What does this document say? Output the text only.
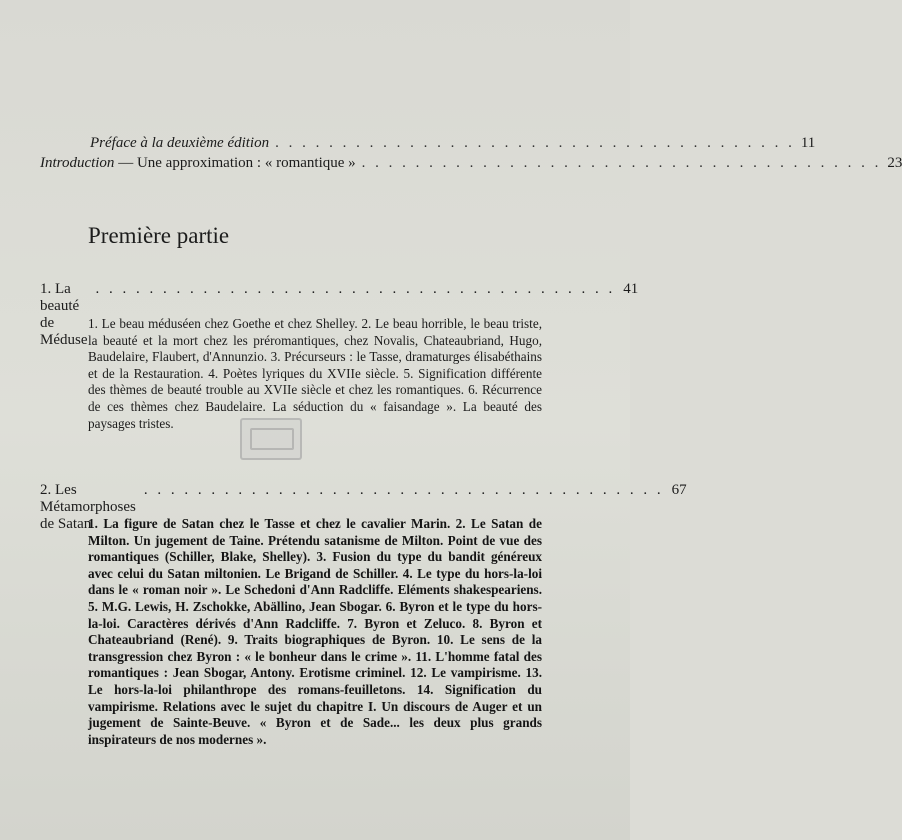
Préface à la deuxième édition . . . . . . . . . . . . . . . . . . . . . . . . . . . . . . . . . . . . . . . 11
Introduction — Une approximation : « romantique » . . . . . . . . . . . . . . . . . . . . . . . . . . . . . . . . . . . . . . . 23
Première partie
1. La beauté de Méduse
. . . . . . . . . . . . . . . . . . . . . . . . . . . . . . . . . . . . . . . 41
1. Le beau méduséen chez Goethe et chez Shelley. 2. Le beau horrible, le beau triste, la beauté et la mort chez les préromantiques, chez Novalis, Chateaubriand, Hugo, Baudelaire, Flaubert, d'Annunzio. 3. Précurseurs : le Tasse, dramaturges élisabéthains et de la Restauration. 4. Poètes lyriques du XVIIe siècle. 5. Signification différente des thèmes de beauté trouble au XVIIe siècle et chez les romantiques. 6. Récurrence de ces thèmes chez Baudelaire. La séduction du « faisandage ». La beauté des paysages tristes.
2. Les Métamorphoses de Satan
. . . . . . . . . . . . . . . . . . . . . . . . . . . . . . . . . . . . . . . 67
1. La figure de Satan chez le Tasse et chez le cavalier Marin. 2. Le Satan de Milton. Un jugement de Taine. Prétendu satanisme de Milton. Point de vue des romantiques (Schiller, Blake, Shelley). 3. Fusion du type du bandit généreux avec celui du Satan miltonien. Le Brigand de Schiller. 4. Le type du hors-la-loi dans le « roman noir ». Le Schedoni d'Ann Radcliffe. Eléments shakespeariens. 5. M.G. Lewis, H. Zschokke, Abällino, Jean Sbogar. 6. Byron et le type du hors-la-loi. Caractères dérivés d'Ann Radcliffe. 7. Byron et Zeluco. 8. Byron et Chateaubriand (René). 9. Traits biographiques de Byron. 10. Le sens de la transgression chez Byron : « le bonheur dans le crime ». 11. L'homme fatal des romantiques : Jean Sbogar, Antony. Erotisme criminel. 12. Le vampirisme. 13. Le hors-la-loi philanthrope des romans-feuilletons. 14. Signification du vampirisme. Relations avec le sujet du chapitre I. Un discours de Auger et un jugement de Sainte-Beuve. « Byron et de Sade... les deux plus grands inspirateurs de nos modernes ».
